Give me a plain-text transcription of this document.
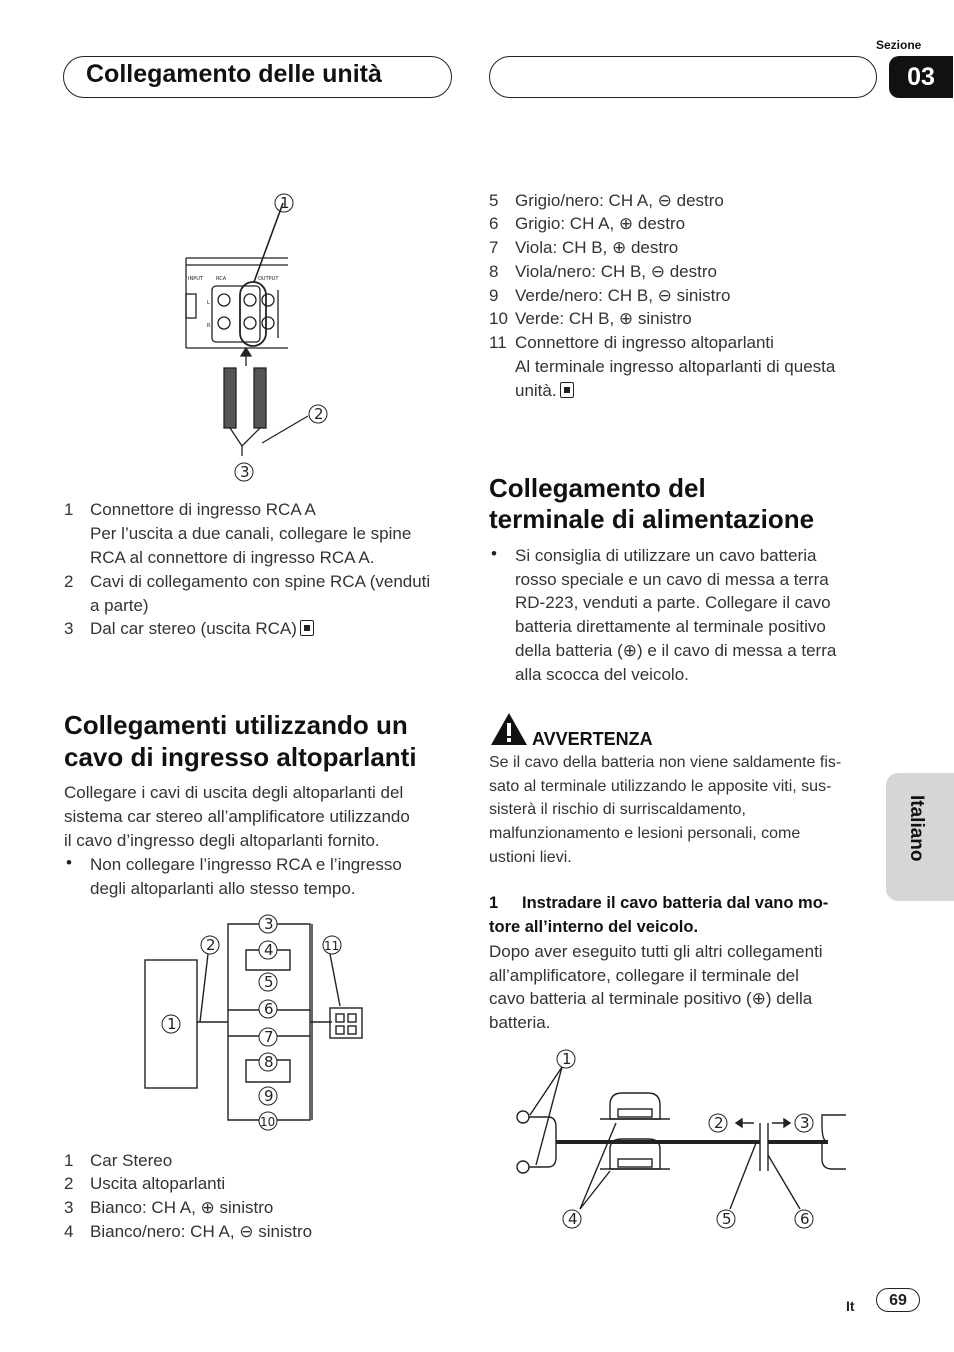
Collegamento delle unità
Sezione
03
Italiano
INPUT	RCA	OUTPUT
L
R
1
2
3
1 Connettore di ingresso RCA A
Per l’uscita a due canali, collegare le spine
RCA al connettore di ingresso RCA A.
2 Cavi di collegamento con spine RCA (venduti
a parte)
3 Dal car stereo (uscita RCA)
Collegamenti utilizzando un
cavo di ingresso altoparlanti
Collegare i cavi di uscita degli altoparlanti del
sistema car stereo all’amplificatore utilizzando
il cavo d’ingresso degli altoparlanti fornito.
• Non collegare l’ingresso RCA e l’ingresso
degli altoparlanti allo stesso tempo.
2
1
3
4
5
6
7
8
9
10
11
1 Car Stereo
2 Uscita altoparlanti
3 Bianco: CH A, ⊕ sinistro
4 Bianco/nero: CH A, ⊖ sinistro
5 Grigio/nero: CH A, ⊖ destro
6 Grigio: CH A, ⊕ destro
7 Viola: CH B, ⊕ destro
8 Viola/nero: CH B, ⊖ destro
9 Verde/nero: CH B, ⊖ sinistro
10 Verde: CH B, ⊕ sinistro
11 Connettore di ingresso altoparlanti
Al terminale ingresso altoparlanti di questa
unità.
Collegamento del
terminale di alimentazione
• Si consiglia di utilizzare un cavo batteria
rosso speciale e un cavo di messa a terra
RD-223, venduti a parte. Collegare il cavo
batteria direttamente al terminale positivo
della batteria (⊕) e il cavo di messa a terra
alla scocca del veicolo.
AVVERTENZA
Se il cavo della batteria non viene saldamente fis-
sato al terminale utilizzando le apposite viti, sus-
sisterà il rischio di surriscaldamento,
malfunzionamento e lesioni personali, come
ustioni lievi.
1 Instradare il cavo batteria dal vano mo-
tore all’interno del veicolo.
Dopo aver eseguito tutti gli altri collegamenti
all’amplificatore, collegare il terminale del
cavo batteria al terminale positivo (⊕) della
batteria.
1
2	3
4	5	6
It	69
